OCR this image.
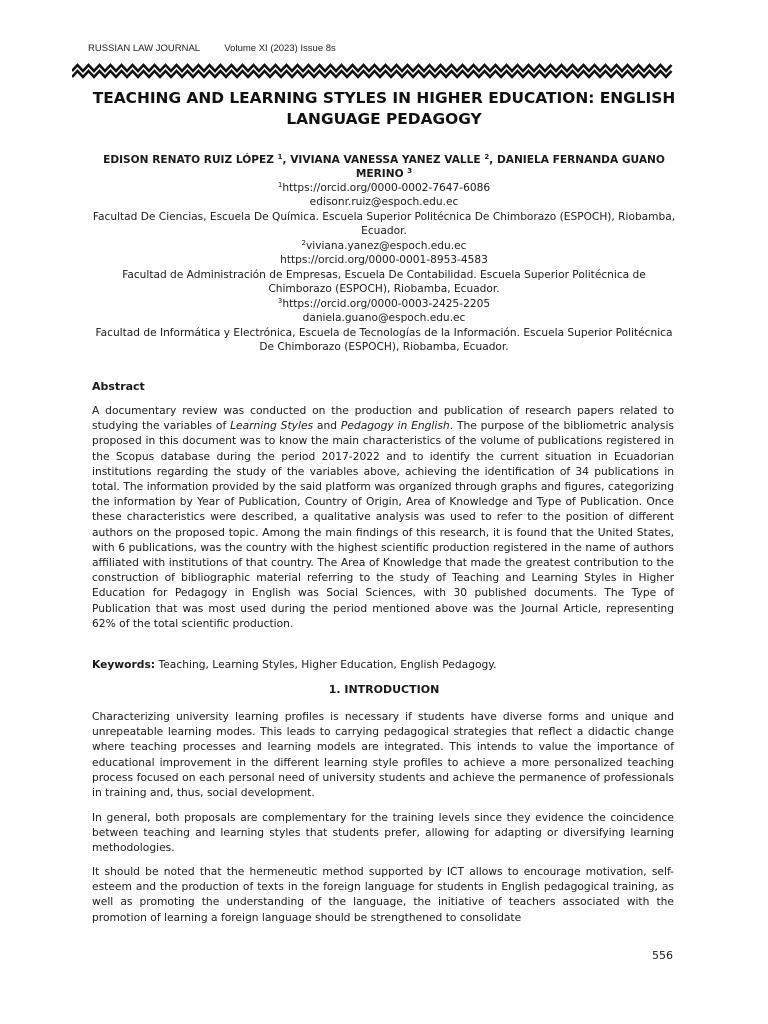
RUSSIAN LAW JOURNAL	Volume XI (2023) Issue 8s
TEACHING AND LEARNING STYLES IN HIGHER EDUCATION: ENGLISH LANGUAGE PEDAGOGY
EDISON RENATO RUIZ LÓPEZ $^1$, VIVIANA VANESSA YANEZ VALLE $^2$, DANIELA FERNANDA GUANO MERINO $^3$
$^1$https://orcid.org/0000-0002-7647-6086
edisonr.ruiz@espoch.edu.ec
Facultad De Ciencias, Escuela De Química. Escuela Superior Politécnica De Chimborazo (ESPOCH), Riobamba, Ecuador.
$^2$viviana.yanez@espoch.edu.ec
https://orcid.org/0000-0001-8953-4583
Facultad de Administración de Empresas, Escuela De Contabilidad. Escuela Superior Politécnica de Chimborazo (ESPOCH), Riobamba, Ecuador.
$^3$https://orcid.org/0000-0003-2425-2205
daniela.guano@espoch.edu.ec
Facultad de Informática y Electrónica, Escuela de Tecnologías de la Información. Escuela Superior Politécnica De Chimborazo (ESPOCH), Riobamba, Ecuador.
Abstract

A documentary review was conducted on the production and publication of research papers related to studying the variables of Learning Styles and Pedagogy in English. The purpose of the bibliometric analysis proposed in this document was to know the main characteristics of the volume of publications registered in the Scopus database during the period 2017-2022 and to identify the current situation in Ecuadorian institutions regarding the study of the variables above, achieving the identification of 34 publications in total. The information provided by the said platform was organized through graphs and figures, categorizing the information by Year of Publication, Country of Origin, Area of Knowledge and Type of Publication. Once these characteristics were described, a qualitative analysis was used to refer to the position of different authors on the proposed topic. Among the main findings of this research, it is found that the United States, with 6 publications, was the country with the highest scientific production registered in the name of authors affiliated with institutions of that country. The Area of Knowledge that made the greatest contribution to the construction of bibliographic material referring to the study of Teaching and Learning Styles in Higher Education for Pedagogy in English was Social Sciences, with 30 published documents. The Type of Publication that was most used during the period mentioned above was the Journal Article, representing 62% of the total scientific production.

Keywords: Teaching, Learning Styles, Higher Education, English Pedagogy.
1. INTRODUCTION

Characterizing university learning profiles is necessary if students have diverse forms and unique and unrepeatable learning modes. This leads to carrying pedagogical strategies that reflect a didactic change where teaching processes and learning models are integrated. This intends to value the importance of educational improvement in the different learning style profiles to achieve a more personalized teaching process focused on each personal need of university students and achieve the permanence of professionals in training and, thus, social development.

In general, both proposals are complementary for the training levels since they evidence the coincidence between teaching and learning styles that students prefer, allowing for adapting or diversifying learning methodologies.

It should be noted that the hermeneutic method supported by ICT allows to encourage motivation, self-esteem and the production of texts in the foreign language for students in English pedagogical training, as well as promoting the understanding of the language, the initiative of teachers associated with the promotion of learning a foreign language should be strengthened to consolidate

556
